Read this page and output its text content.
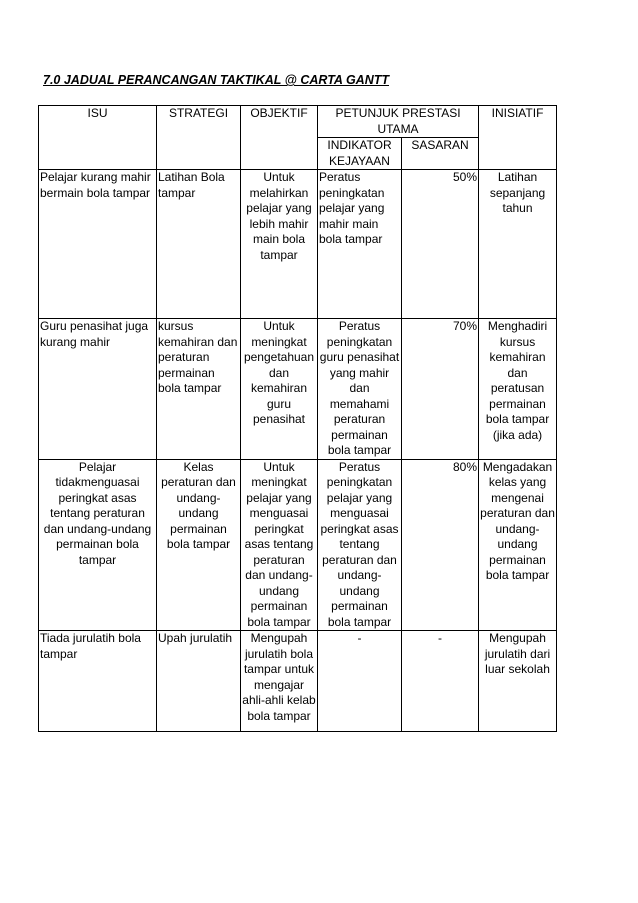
7.0 JADUAL PERANCANGAN TAKTIKAL @ CARTA GANTT
ISU	STRATEGI	OBJEKTIF	PETUNJUK PRESTASI UTAMA		INISIATIF
			INDIKATOR KEJAYAAN	SASARAN	
Pelajar kurang mahir bermain bola tampar	Latihan Bola tampar	Untuk melahirkan pelajar yang lebih mahir main bola tampar	Peratus peningkatan pelajar yang mahir main bola tampar	50%	Latihan sepanjang tahun
Guru penasihat juga kurang mahir	kursus kemahiran dan peraturan permainan bola tampar	Untuk meningkat pengetahuan dan kemahiran guru penasihat	Peratus peningkatan guru penasihat yang mahir dan memahami peraturan permainan bola tampar	70%	Menghadiri kursus kemahiran dan peratusan permainan bola tampar (jika ada)
Pelajar tidakmenguasai peringkat asas tentang peraturan dan undang-undang permainan bola tampar	Kelas peraturan dan undang-undang permainan bola tampar	Untuk meningkat pelajar yang menguasai peringkat asas tentang peraturan dan undang-undang permainan bola tampar	Peratus peningkatan pelajar yang menguasai peringkat asas tentang peraturan dan undang-undang permainan bola tampar	80%	Mengadakan kelas yang mengenai peraturan dan undang-undang permainan bola tampar
Tiada jurulatih bola tampar	Upah jurulatih	Mengupah jurulatih bola tampar untuk mengajar ahli-ahli kelab bola tampar	-	-	Mengupah jurulatih dari luar sekolah
